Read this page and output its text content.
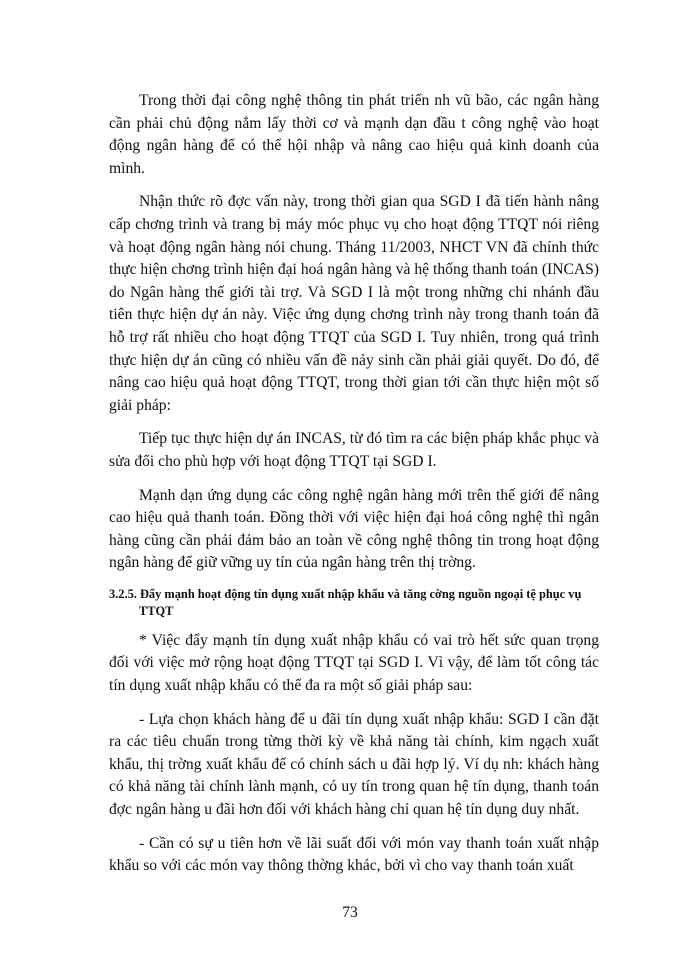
Trong thời đại công nghệ thông tin phát triển nh vũ bão, các ngân hàng cần phải chủ động nắm lấy thời cơ và mạnh dạn đầu t công nghệ vào hoạt động ngân hàng để có thể hội nhập và nâng cao hiệu quả kinh doanh của mình.

Nhận thức rõ đợc vấn này, trong thời gian qua SGD I đã tiến hành nâng cấp chơng trình và trang bị máy móc phục vụ cho hoạt động TTQT nói riêng và hoạt động ngân hàng nói chung. Tháng 11/2003, NHCT VN đã chính thức thực hiện chơng trình hiện đại hoá ngân hàng và hệ thống thanh toán (INCAS) do Ngân hàng thế giới tài trợ. Và SGD I là một trong những chi nhánh đầu tiên thực hiện dự án này. Việc ứng dụng chơng trình này trong thanh toán đã hỗ trợ rất nhiều cho hoạt động TTQT của SGD I. Tuy nhiên, trong quá trình thực hiện dự án cũng có nhiều vấn đề nảy sinh cần phải giải quyết. Do đó, để nâng cao hiệu quả hoạt động TTQT, trong thời gian tới cần thực hiện một số giải pháp:

Tiếp tục thực hiện dự án INCAS, từ đó tìm ra các biện pháp khắc phục và sửa đổi cho phù hợp với hoạt động TTQT tại SGD I.

Mạnh dạn ứng dụng các công nghệ ngân hàng mới trên thế giới để nâng cao hiệu quả thanh toán. Đồng thời với việc hiện đại hoá công nghệ thì ngân hàng cũng cần phải đảm bảo an toàn về công nghệ thông tin trong hoạt động ngân hàng để giữ vững uy tín của ngân hàng trên thị trờng.

3.2.5. Đẩy mạnh hoạt động tín dụng xuất nhập khẩu và tăng cờng nguồn ngoại tệ phục vụ TTQT

* Việc đẩy mạnh tín dụng xuất nhập khẩu có vai trò hết sức quan trọng đối với việc mở rộng hoạt động TTQT tại SGD I. Vì vậy, để làm tốt công tác tín dụng xuất nhập khẩu có thể đa ra một số giải pháp sau:

- Lựa chọn khách hàng để u đãi tín dụng xuất nhập khẩu: SGD I cần đặt ra các tiêu chuẩn trong từng thời kỳ về khả năng tài chính, kim ngạch xuất khẩu, thị trờng xuất khẩu để có chính sách u đãi hợp lý. Ví dụ nh: khách hàng có khả năng tài chính lành mạnh, có uy tín trong quan hệ tín dụng, thanh toán đợc ngân hàng u đãi hơn đối với khách hàng chỉ quan hệ tín dụng duy nhất.

- Cần có sự u tiên hơn về lãi suất đối với món vay thanh toán xuất nhập khẩu so với các món vay thông thờng khác, bởi vì cho vay thanh toán xuất

73
